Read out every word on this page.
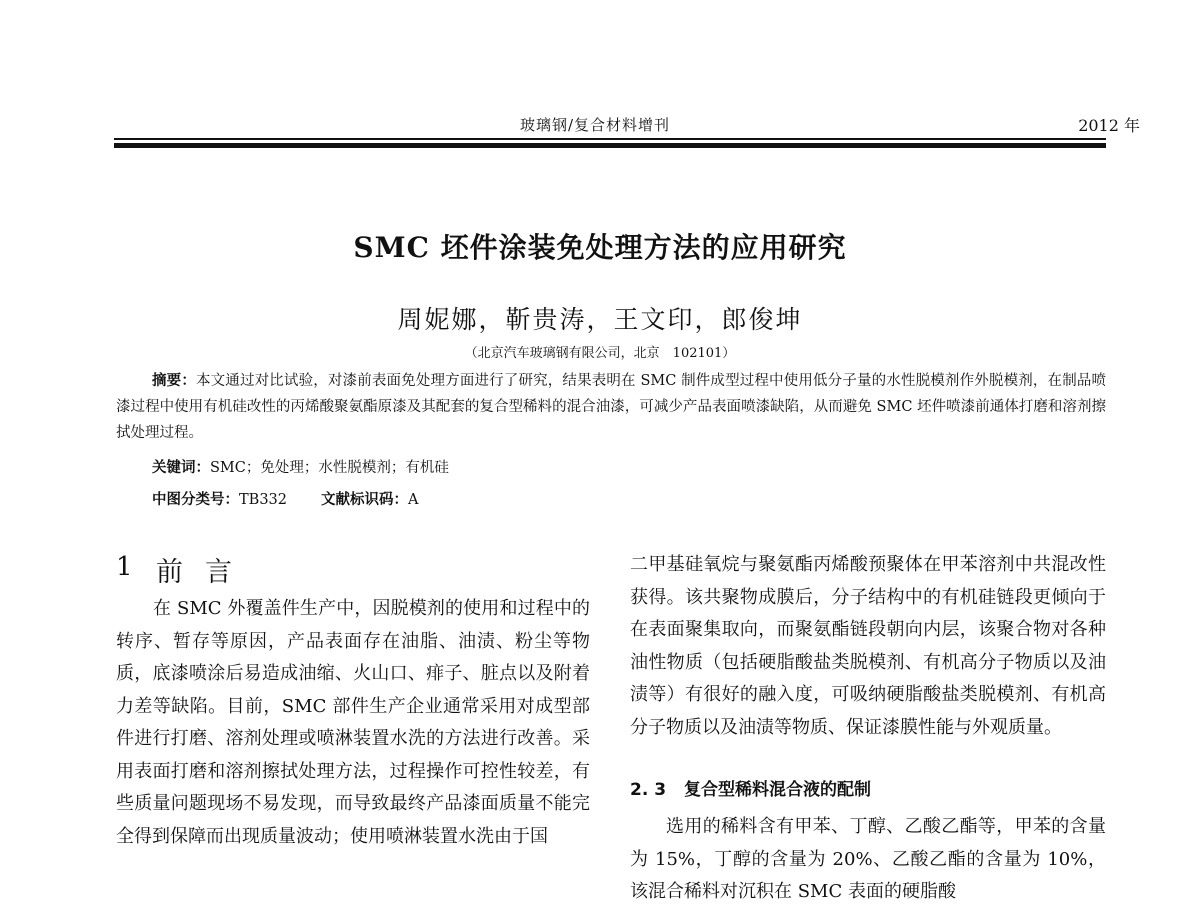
玻璃钢/复合材料增刊	2012 年
SMC 坯件涂装免处理方法的应用研究
周妮娜，靳贵涛，王文印，郎俊坤
（北京汽车玻璃钢有限公司，北京　102101）
摘要：本文通过对比试验，对漆前表面免处理方面进行了研究，结果表明在 SMC 制件成型过程中使用低分子量的水性脱模剂作外脱模剂，在制品喷漆过程中使用有机硅改性的丙烯酸聚氨酯原漆及其配套的复合型稀料的混合油漆，可减少产品表面喷漆缺陷，从而避免 SMC 坯件喷漆前通体打磨和溶剂擦拭处理过程。
关键词：SMC；免处理；水性脱模剂；有机硅
中图分类号：TB332 文献标识码：A
1 前言
在 SMC 外覆盖件生产中，因脱模剂的使用和过程中的转序、暂存等原因，产品表面存在油脂、油渍、粉尘等物质，底漆喷涂后易造成油缩、火山口、痱子、脏点以及附着力差等缺陷。目前，SMC 部件生产企业通常采用对成型部件进行打磨、溶剂处理或喷淋装置水洗的方法进行改善。采用表面打磨和溶剂擦拭处理方法，过程操作可控性较差，有些质量问题现场不易发现，而导致最终产品漆面质量不能完全得到保障而出现质量波动；使用喷淋装置水洗由于国
二甲基硅氧烷与聚氨酯丙烯酸预聚体在甲苯溶剂中共混改性获得。该共聚物成膜后，分子结构中的有机硅链段更倾向于在表面聚集取向，而聚氨酯链段朝向内层，该聚合物对各种油性物质（包括硬脂酸盐类脱模剂、有机高分子物质以及油渍等）有很好的融入度，可吸纳硬脂酸盐类脱模剂、有机高分子物质以及油渍等物质、保证漆膜性能与外观质量。
2. 3 复合型稀料混合液的配制
选用的稀料含有甲苯、丁醇、乙酸乙酯等，甲苯的含量为 15%，丁醇的含量为 20%、乙酸乙酯的含量为 10%，该混合稀料对沉积在 SMC 表面的硬脂酸
